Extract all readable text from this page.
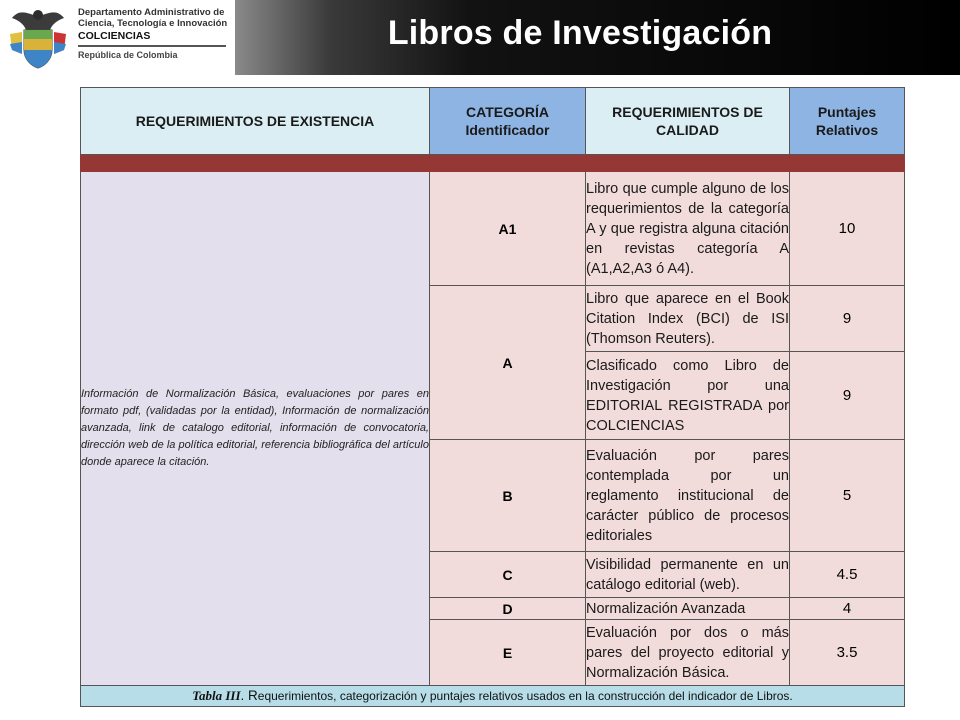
Departamento Administrativo de
Ciencia, Tecnología e Innovación
COLCIENCIAS
República de Colombia
Libros de Investigación
REQUERIMIENTOS DE EXISTENCIA	CATEGORÍA Identificador	REQUERIMIENTOS DE CALIDAD	Puntajes Relativos

Información de Normalización Básica, evaluaciones por pares en formato pdf, (validadas por la entidad), Información de normalización avanzada, link de catalogo editorial, información de convocatoria, dirección web de la política editorial, referencia bibliográfica del artículo donde aparece la citación.	A1	Libro que cumple alguno de los requerimientos de la categoría A y que registra alguna citación en revistas categoría A (A1,A2,A3 ó A4).	10
	A	Libro que aparece en el Book Citation Index (BCI) de ISI (Thomson Reuters).	9
		Clasificado como Libro de Investigación por una EDITORIAL REGISTRADA por COLCIENCIAS	9
	B	Evaluación por pares contemplada por un reglamento institucional de carácter público de procesos editoriales	5
	C	Visibilidad permanente en un catálogo editorial (web).	4.5
	D	Normalización Avanzada	4
	E	Evaluación por dos o más pares del proyecto editorial y Normalización Básica.	3.5
Tabla III. Requerimientos, categorización y puntajes relativos usados en la construcción del indicador de Libros.			
